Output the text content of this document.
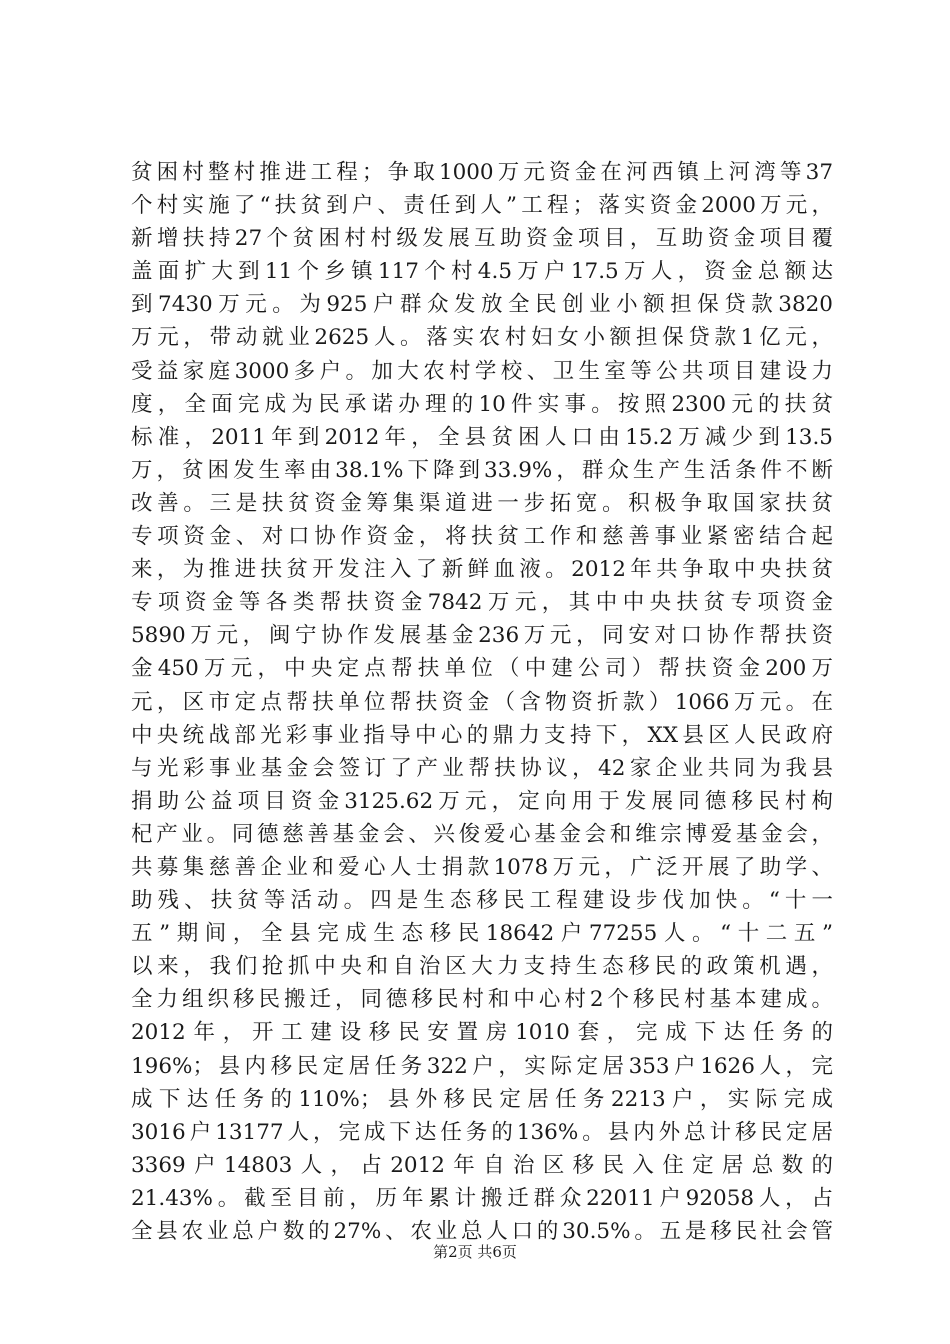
贫困村整村推进工程；争取1000万元资金在河西镇上河湾等37
个村实施了“扶贫到户、责任到人”工程；落实资金2000万元，
新增扶持27个贫困村村级发展互助资金项目，互助资金项目覆
盖面扩大到11个乡镇117个村4.5万户17.5万人，资金总额达
到7430万元。为925户群众发放全民创业小额担保贷款3820
万元，带动就业2625人。落实农村妇女小额担保贷款1亿元，
受益家庭3000多户。加大农村学校、卫生室等公共项目建设力
度，全面完成为民承诺办理的10件实事。按照2300元的扶贫
标准，2011年到2012年，全县贫困人口由15.2万减少到13.5
万，贫困发生率由38.1%下降到33.9%，群众生产生活条件不断
改善。三是扶贫资金筹集渠道进一步拓宽。积极争取国家扶贫
专项资金、对口协作资金，将扶贫工作和慈善事业紧密结合起
来，为推进扶贫开发注入了新鲜血液。2012年共争取中央扶贫
专项资金等各类帮扶资金7842万元，其中中央扶贫专项资金
5890万元，闽宁协作发展基金236万元，同安对口协作帮扶资
金450万元，中央定点帮扶单位（中建公司）帮扶资金200万
元，区市定点帮扶单位帮扶资金（含物资折款）1066万元。在
中央统战部光彩事业指导中心的鼎力支持下，XX县区人民政府
与光彩事业基金会签订了产业帮扶协议，42家企业共同为我县
捐助公益项目资金3125.62万元，定向用于发展同德移民村枸
杞产业。同德慈善基金会、兴俊爱心基金会和维宗博爱基金会，
共募集慈善企业和爱心人士捐款1078万元，广泛开展了助学、
助残、扶贫等活动。四是生态移民工程建设步伐加快。“十一
五”期间，全县完成生态移民18642户77255人。“十二五”
以来，我们抢抓中央和自治区大力支持生态移民的政策机遇，
全力组织移民搬迁，同德移民村和中心村2个移民村基本建成。
2012年，开工建设移民安置房1010套，完成下达任务的
196%；县内移民定居任务322户，实际定居353户1626人，完
成下达任务的110%；县外移民定居任务2213户，实际完成
3016户13177人，完成下达任务的136%。县内外总计移民定居
3369户14803人，占2012年自治区移民入住定居总数的
21.43%。截至目前，历年累计搬迁群众22011户92058人，占
全县农业总户数的27%、农业总人口的30.5%。五是移民社会管
第2页 共6页
